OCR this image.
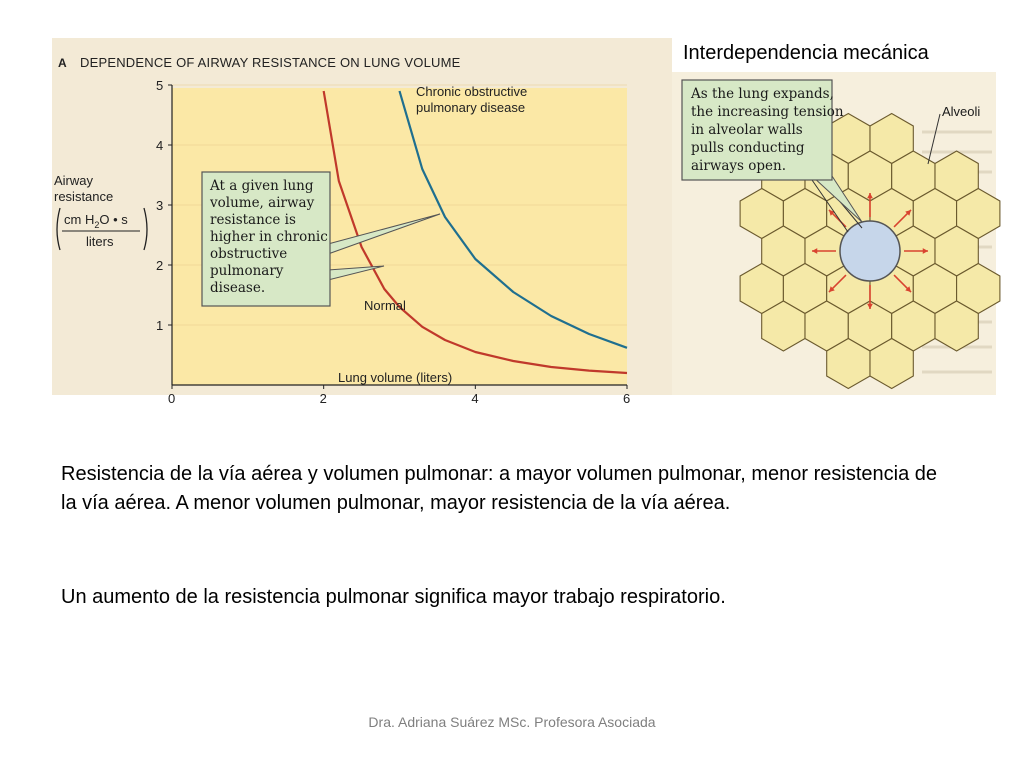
1
2
3
4
5
0	2	4	6
Normal
Chronic obstructive
pulmonary disease
At a given lung
volume, airway
resistance is
higher in chronic
obstructive
pulmonary
disease.
Airway
resistance
cm $H_2O$ • s
liters
Lung volume (liters)
A DEPENDENCE OF AIRWAY RESISTANCE ON LUNG VOLUME	Interdependencia mecánica
As the lung expands,
the increasing tension
in alveolar walls
pulls conducting
airways open.
Alveoli
Resistencia de la vía aérea y volumen pulmonar: a mayor volumen pulmonar, menor resistencia de la vía aérea. A menor volumen pulmonar, mayor resistencia de la vía aérea.
Un aumento de la resistencia pulmonar significa mayor trabajo respiratorio.
Dra. Adriana Suárez MSc. Profesora Asociada
